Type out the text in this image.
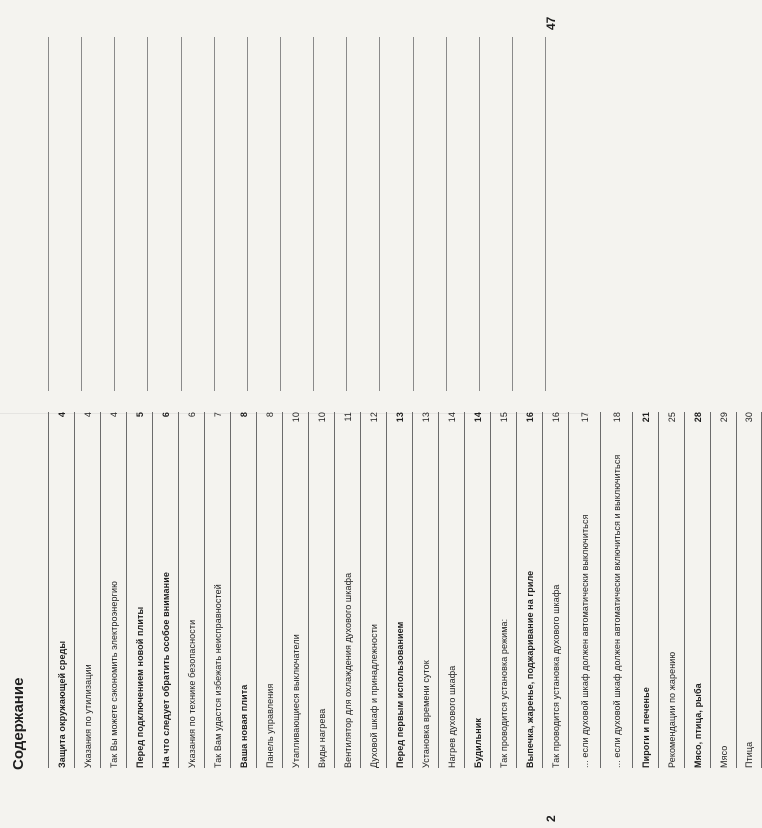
Содержание	Защита окружающей среды
4
Указания по утилизации
4
Так Вы можете сэкономить электроэнергию
4
Перед подключением новой плиты
5
На что следует обратить особое внимание
6
Указания по технике безопасности
6
Так Вам удастся избежать неисправностей
7
Ваша новая плита
8
Панель управления
8
Утапливающиеся выключатели
10
Виды нагрева
10
Вентилятор для охлаждения духового шкафа
11
Духовой шкаф и принадлежности
12
Перед первым использованием
13
Установка времени суток
13
Нагрев духового шкафа
14
Будильник
14
Так проводится установка режима:
15
Выпечка, жаренье, поджаривание на гриле
16
Так проводится установка духового шкафа
16
... если духовой шкаф должен автоматически выключиться
17
... если духовой шкаф должен автоматически включиться и выключиться
18
Пироги и печенье
21
Рекомендации по жарению
25
Мясо, птица, рыба
28
Мясо
29
Птица
30
2
47
